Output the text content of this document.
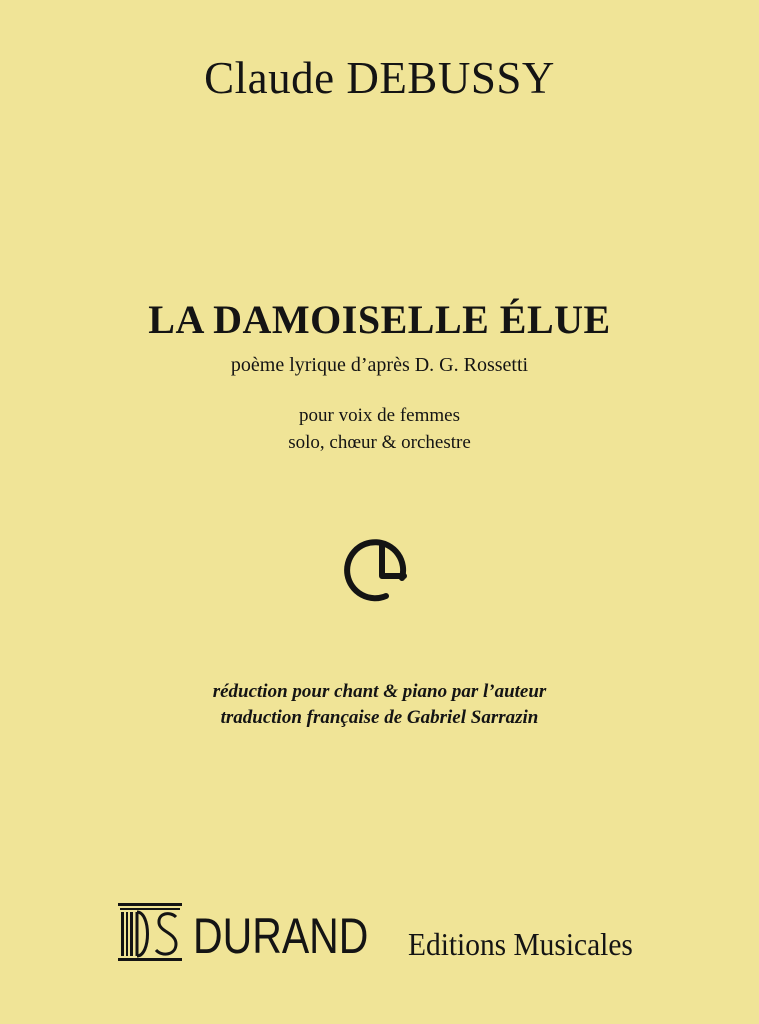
Claude DEBUSSY
LA DAMOISELLE ÉLUE
poème lyrique d’après D. G. Rossetti
pour voix de femmes
solo, chœur & orchestre
réduction pour chant & piano par l’auteur
traduction française de Gabriel Sarrazin
DURAND Editions Musicales
